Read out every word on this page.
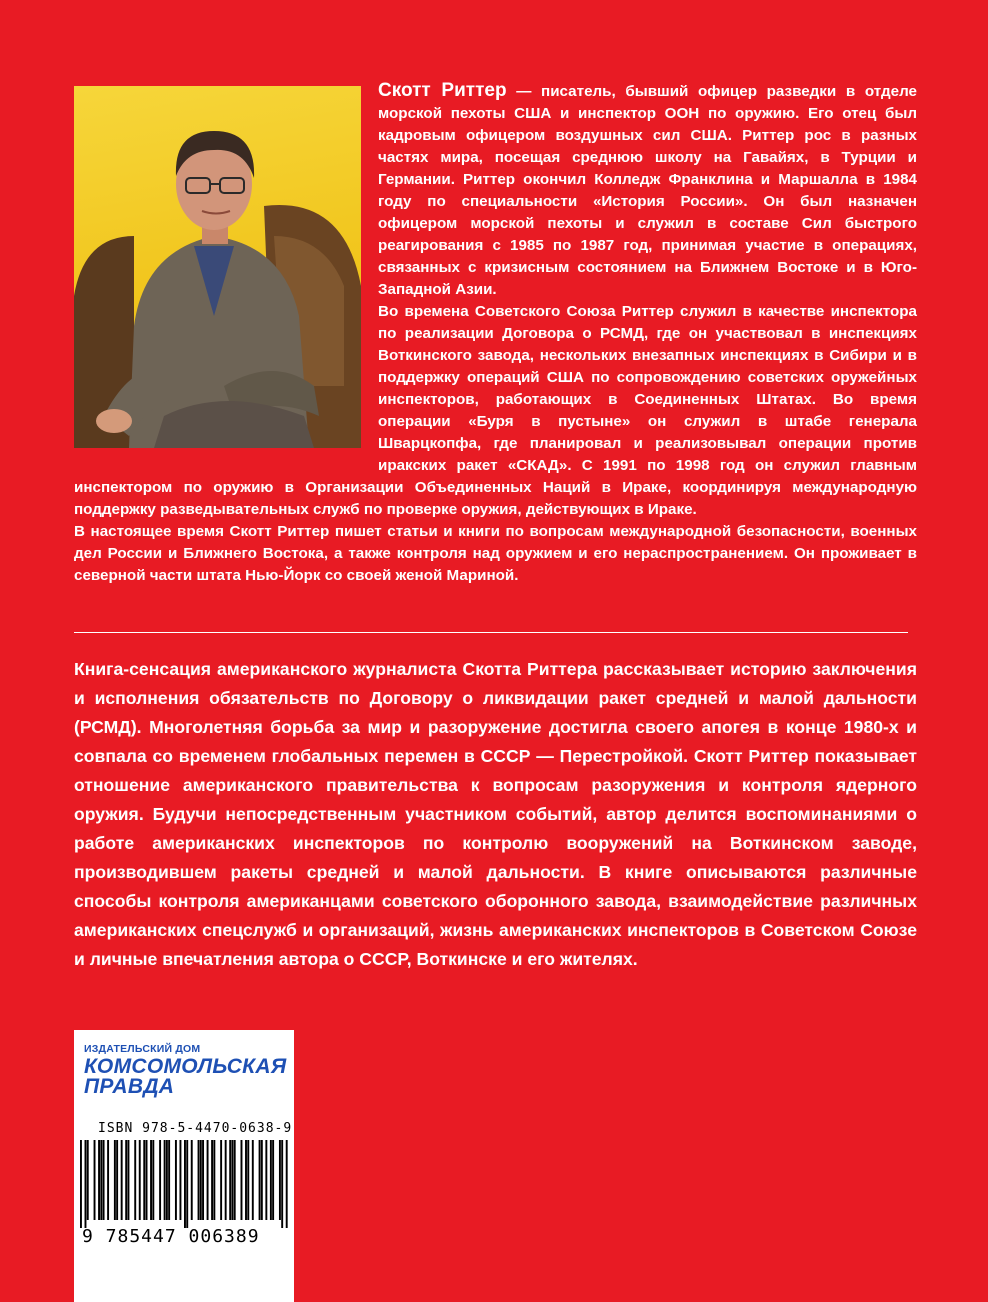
Скотт Риттер — писатель, бывший офицер разведки в отделе морской пехоты США и инспектор ООН по оружию. Его отец был кадровым офицером воздушных сил США. Риттер рос в разных частях мира, посещая среднюю школу на Гавайях, в Турции и Германии. Риттер окончил Колледж Франклина и Маршалла в 1984 году по специальности «История России». Он был назначен офицером морской пехоты и служил в составе Сил быстрого реагирования с 1985 по 1987 год, принимая участие в операциях, связанных с кризисным состоянием на Ближнем Востоке и в Юго-Западной Азии.

Во времена Советского Союза Риттер служил в качестве инспектора по реализации Договора о РСМД, где он участвовал в инспекциях Воткинского завода, нескольких внезапных инспекциях в Сибири и в поддержку операций США по сопровождению советских оружейных инспекторов, работающих в Соединенных Штатах. Во время операции «Буря в пустыне» он служил в штабе генерала Шварцкопфа, где планировал и реализовывал операции против иракских ракет «СКАД». С 1991 по 1998 год он служил главным инспектором по оружию в Организации Объединенных Наций в Ираке, координируя международную поддержку разведывательных служб по проверке оружия, действующих в Ираке.

В настоящее время Скотт Риттер пишет статьи и книги по вопросам международной безопасности, военных дел России и Ближнего Востока, а также контроля над оружием и его нераспространением. Он проживает в северной части штата Нью-Йорк со своей женой Мариной.

Книга-сенсация американского журналиста Скотта Риттера рассказывает историю заключения и исполнения обязательств по Договору о ликвидации ракет средней и малой дальности (РСМД). Многолетняя борьба за мир и разоружение достигла своего апогея в конце 1980-х и совпала со временем глобальных перемен в СССР — Перестройкой. Скотт Риттер показывает отношение американского правительства к вопросам разоружения и контроля ядерного оружия. Будучи непосредственным участником событий, автор делится воспоминаниями о работе американских инспекторов по контролю вооружений на Воткинском заводе, производившем ракеты средней и малой дальности. В книге описываются различные способы контроля американцами советского оборонного завода, взаимодействие различных американских спецслужб и организаций, жизнь американских инспекторов в Советском Союзе и личные впечатления автора о СССР, Воткинске и его жителях.

ИЗДАТЕЛЬСКИЙ ДОМ
КОМСОМОЛЬСКАЯ
ПРАВДА
ISBN 978-5-4470-0638-9
9 785447 006389
